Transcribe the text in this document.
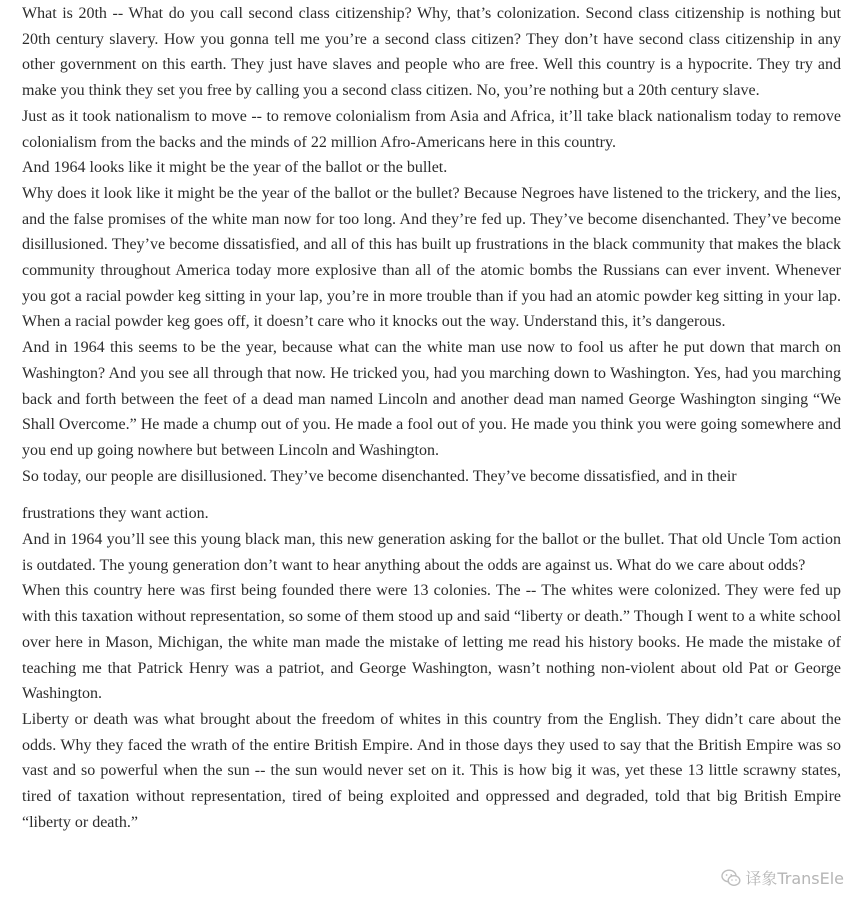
What is 20th -- What do you call second class citizenship? Why, that’s colonization. Second class citizenship is nothing but 20th century slavery. How you gonna tell me you’re a second class citizen? They don’t have second class citizenship in any other government on this earth. They just have slaves and people who are free. Well this country is a hypocrite. They try and make you think they set you free by calling you a second class citizen. No, you’re nothing but a 20th century slave.

Just as it took nationalism to move -- to remove colonialism from Asia and Africa, it’ll take black nationalism today to remove colonialism from the backs and the minds of 22 million Afro-Americans here in this country.

And 1964 looks like it might be the year of the ballot or the bullet.

Why does it look like it might be the year of the ballot or the bullet? Because Negroes have listened to the trickery, and the lies, and the false promises of the white man now for too long. And they’re fed up. They’ve become disenchanted. They’ve become disillusioned. They’ve become dissatisfied, and all of this has built up frustrations in the black community that makes the black community throughout America today more explosive than all of the atomic bombs the Russians can ever invent. Whenever you got a racial powder keg sitting in your lap, you’re in more trouble than if you had an atomic powder keg sitting in your lap. When a racial powder keg goes off, it doesn’t care who it knocks out the way. Understand this, it’s dangerous.

And in 1964 this seems to be the year, because what can the white man use now to fool us after he put down that march on Washington? And you see all through that now. He tricked you, had you marching down to Washington. Yes, had you marching back and forth between the feet of a dead man named Lincoln and another dead man named George Washington singing “We Shall Overcome.” He made a chump out of you. He made a fool out of you. He made you think you were going somewhere and you end up going nowhere but between Lincoln and Washington.

So today, our people are disillusioned. They’ve become disenchanted. They’ve become dissatisfied, and in their

frustrations they want action.

And in 1964 you’ll see this young black man, this new generation asking for the ballot or the bullet. That old Uncle Tom action is outdated. The young generation don’t want to hear anything about the odds are against us. What do we care about odds?

When this country here was first being founded there were 13 colonies. The -- The whites were colonized. They were fed up with this taxation without representation, so some of them stood up and said “liberty or death.” Though I went to a white school over here in Mason, Michigan, the white man made the mistake of letting me read his history books. He made the mistake of teaching me that Patrick Henry was a patriot, and George Washington, wasn’t nothing non-violent about old Pat or George Washington.

Liberty or death was what brought about the freedom of whites in this country from the English. They didn’t care about the odds. Why they faced the wrath of the entire British Empire. And in those days they used to say that the British Empire was so vast and so powerful when the sun -- the sun would never set on it. This is how big it was, yet these 13 little scrawny states, tired of taxation without representation, tired of being exploited and oppressed and degraded, told that big British Empire “liberty or death.”

译象TransEle
